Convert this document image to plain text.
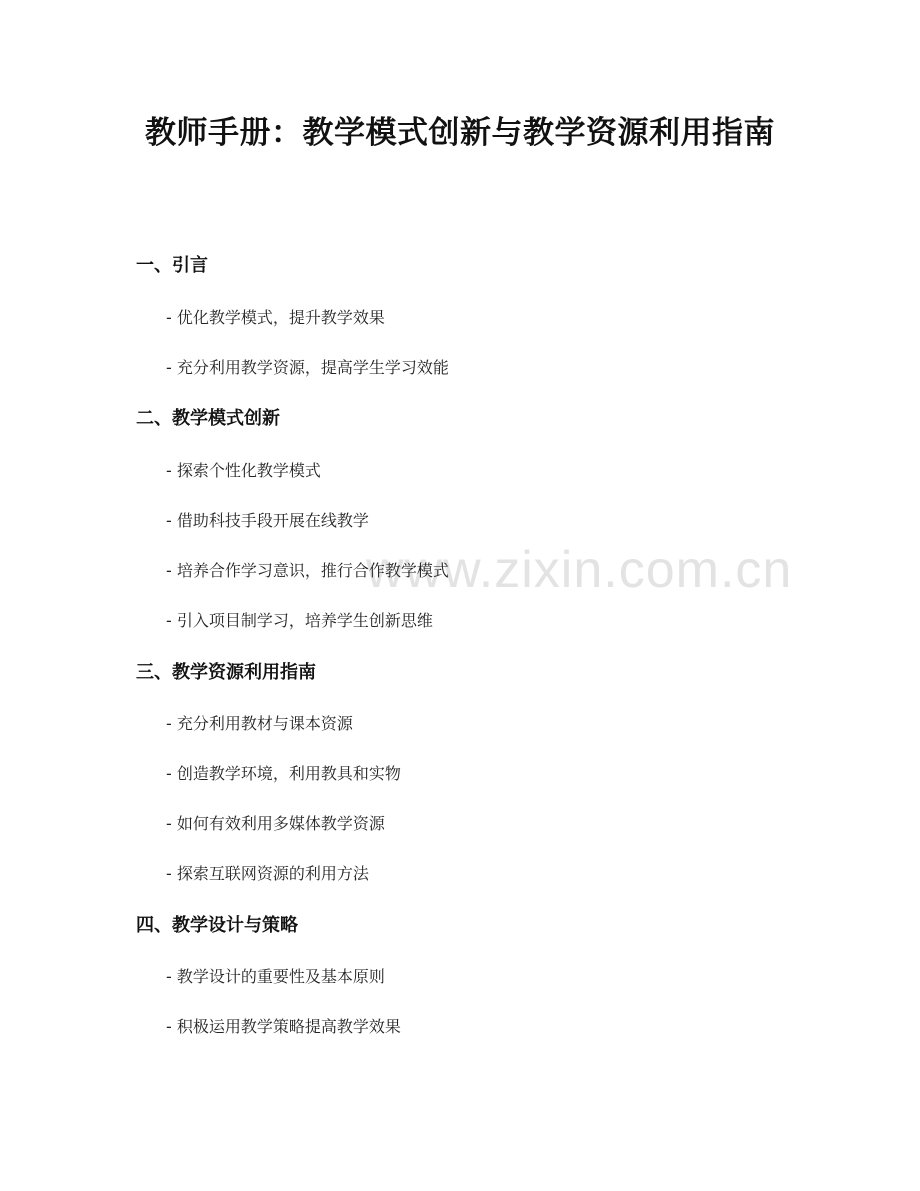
www.zixin.com.cn
教师手册：教学模式创新与教学资源利用指南
一、引言

- 优化教学模式，提升教学效果

- 充分利用教学资源，提高学生学习效能

二、教学模式创新

- 探索个性化教学模式

- 借助科技手段开展在线教学

- 培养合作学习意识，推行合作教学模式

- 引入项目制学习，培养学生创新思维

三、教学资源利用指南

- 充分利用教材与课本资源

- 创造教学环境，利用教具和实物

- 如何有效利用多媒体教学资源

- 探索互联网资源的利用方法

四、教学设计与策略

- 教学设计的重要性及基本原则

- 积极运用教学策略提高教学效果
